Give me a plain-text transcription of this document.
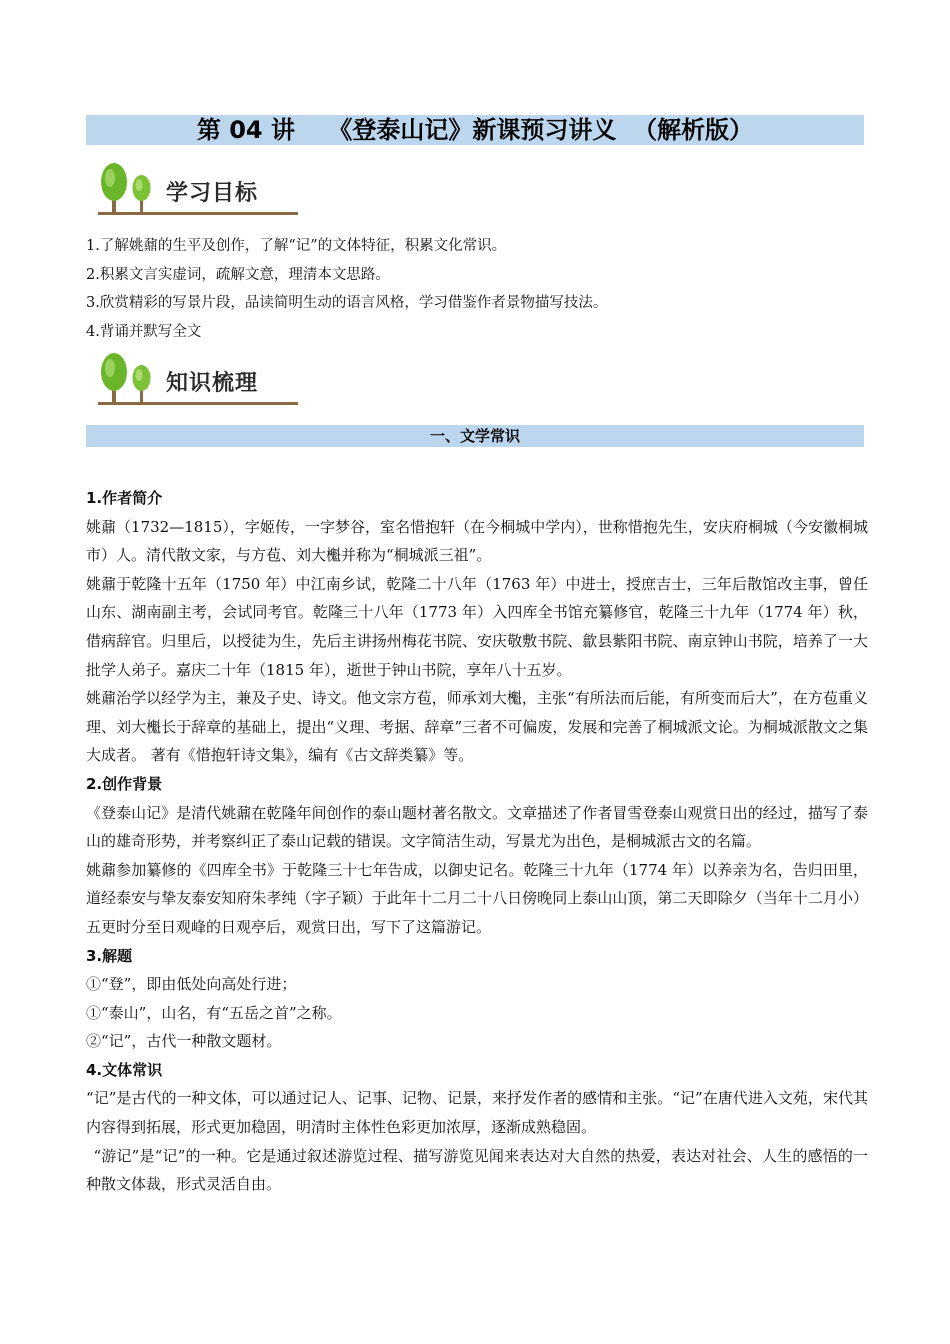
第 04 讲    《登泰山记》新课预习讲义  （解析版）
学习目标
1.了解姚鼐的生平及创作，了解“记”的文体特征，积累文化常识。
2.积累文言实虚词，疏解文意，理清本文思路。
3.欣赏精彩的写景片段，品读简明生动的语言风格，学习借鉴作者景物描写技法。
4.背诵并默写全文
知识梳理
一、文学常识

1.作者简介

姚鼐（1732—1815），字姬传，一字梦谷，室名惜抱轩（在今桐城中学内），世称惜抱先生，安庆府桐城（今安徽桐城市）人。清代散文家，与方苞、刘大櫆并称为“桐城派三祖”。

姚鼐于乾隆十五年（1750 年）中江南乡试，乾隆二十八年（1763 年）中进士，授庶吉士，三年后散馆改主事，曾任山东、湖南副主考，会试同考官。乾隆三十八年（1773 年）入四库全书馆充纂修官，乾隆三十九年（1774 年）秋，借病辞官。归里后，以授徒为生，先后主讲扬州梅花书院、安庆敬敷书院、歙县紫阳书院、南京钟山书院，培养了一大批学人弟子。嘉庆二十年（1815 年），逝世于钟山书院，享年八十五岁。

姚鼐治学以经学为主，兼及子史、诗文。他文宗方苞，师承刘大櫆，主张“有所法而后能，有所变而后大”，在方苞重义理、刘大櫆长于辞章的基础上，提出“义理、考据、辞章”三者不可偏废，发展和完善了桐城派文论。为桐城派散文之集大成者。 著有《惜抱轩诗文集》，编有《古文辞类纂》等。

2.创作背景

《登泰山记》是清代姚鼐在乾隆年间创作的泰山题材著名散文。文章描述了作者冒雪登泰山观赏日出的经过，描写了泰山的雄奇形势，并考察纠正了泰山记载的错误。文字简洁生动，写景尤为出色，是桐城派古文的名篇。

姚鼐参加纂修的《四库全书》于乾隆三十七年告成，以御史记名。乾隆三十九年（1774 年）以养亲为名，告归田里，道经泰安与挚友泰安知府朱孝纯（字子颖）于此年十二月二十八日傍晚同上泰山山顶，第二天即除夕（当年十二月小）五更时分至日观峰的日观亭后，观赏日出，写下了这篇游记。

3.解题

①“登”，即由低处向高处行进；

①“泰山”，山名，有“五岳之首”之称。

②“记”，古代一种散文题材。

4.文体常识

“记”是古代的一种文体，可以通过记人、记事、记物、记景，来抒发作者的感情和主张。“记”在唐代进入文苑，宋代其内容得到拓展，形式更加稳固，明清时主体性色彩更加浓厚，逐渐成熟稳固。

“游记”是“记”的一种。它是通过叙述游览过程、描写游览见闻来表达对大自然的热爱，表达对社会、人生的感悟的一种散文体裁，形式灵活自由。
